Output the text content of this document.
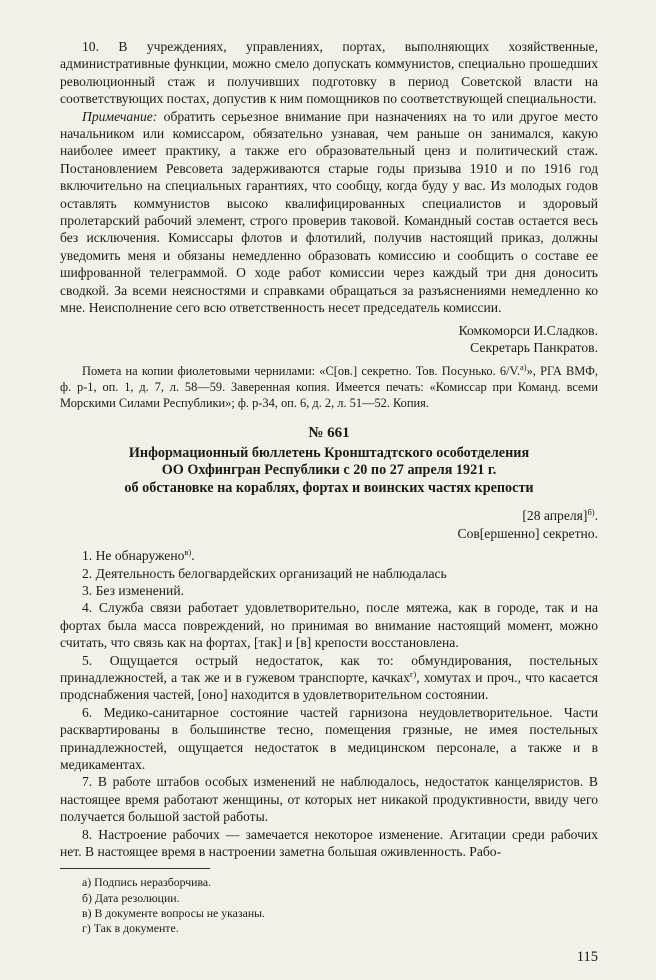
10. В учреждениях, управлениях, портах, выполняющих хозяйственные, административные функции, можно смело допускать коммунистов, специально прошедших революционный стаж и получивших подготовку в период Советской власти на соответствующих постах, допустив к ним помощников по соответствующей специальности.

Примечание: обратить серьезное внимание при назначениях на то или другое место начальником или комиссаром, обязательно узнавая, чем раньше он занимался, какую наиболее имеет практику, а также его образовательный ценз и политический стаж. Постановлением Ревсовета задерживаются старые годы призыва 1910 и по 1916 год включительно на специальных гарантиях, что сообщу, когда буду у вас. Из молодых годов оставлять коммунистов высоко квалифицированных специалистов и здоровый пролетарский рабочий элемент, строго проверив таковой. Командный состав остается весь без исключения. Комиссары флотов и флотилий, получив настоящий приказ, должны уведомить меня и обязаны немедленно образовать комиссию и сообщить о составе ее шифрованной телеграммой. О ходе работ комиссии через каждый три дня доносить сводкой. За всеми неясностями и справками обращаться за разъяснениями немедленно ко мне. Неисполнение сего всю ответственность несет председатель комиссии.

Комкоморси И.Сладков.

Секретарь Панкратов.

Помета на копии фиолетовыми чернилами: «С[ов.] секретно. Тов. Посунько. 6/V.$^{а)}$», РГА ВМФ, ф. р-1, оп. 1, д. 7, л. 58—59. Заверенная копия. Имеется печать: «Комиссар при Команд. всеми Морскими Силами Республики»; ф. р-34, оп. 6, д. 2, л. 51—52. Копия.

№ 661
Информационный бюллетень Кронштадтского особотделения
ОО Охфингран Республики с 20 по 27 апреля 1921 г.
об обстановке на кораблях, фортах и воинских частях крепости

[28 апреля]$^{б)}$.

Сов[ершенно] секретно.

1. Не обнаружено$^{в)}$.

2. Деятельность белогвардейских организаций не наблюдалась

3. Без изменений.

4. Служба связи работает удовлетворительно, после мятежа, как в городе, так и на фортах была масса повреждений, но принимая во внимание настоящий момент, можно считать, что связь как на фортах, [так] и [в] крепости восстановлена.

5. Ощущается острый недостаток, как то: обмундирования, постельных принадлежностей, а так же и в гужевом транспорте, качках$^{г)}$, хомутах и проч., что касается продснабжения частей, [оно] находится в удовлетворительном состоянии.

6. Медико-санитарное состояние частей гарнизона неудовлетворительное. Части расквартированы в большинстве тесно, помещения грязные, не имея постельных принадлежностей, ощущается недостаток в медицинском персонале, а также и в медикаментах.

7. В работе штабов особых изменений не наблюдалось, недостаток канцеляристов. В настоящее время работают женщины, от которых нет никакой продуктивности, ввиду чего получается большой застой работы.

8. Настроение рабочих — замечается некоторое изменение. Агитации среди рабочих нет. В настоящее время в настроении заметна большая оживленность. Рабо-

а) Подпись неразборчива.

б) Дата резолюции.

в) В документе вопросы не указаны.

г) Так в документе.

115
